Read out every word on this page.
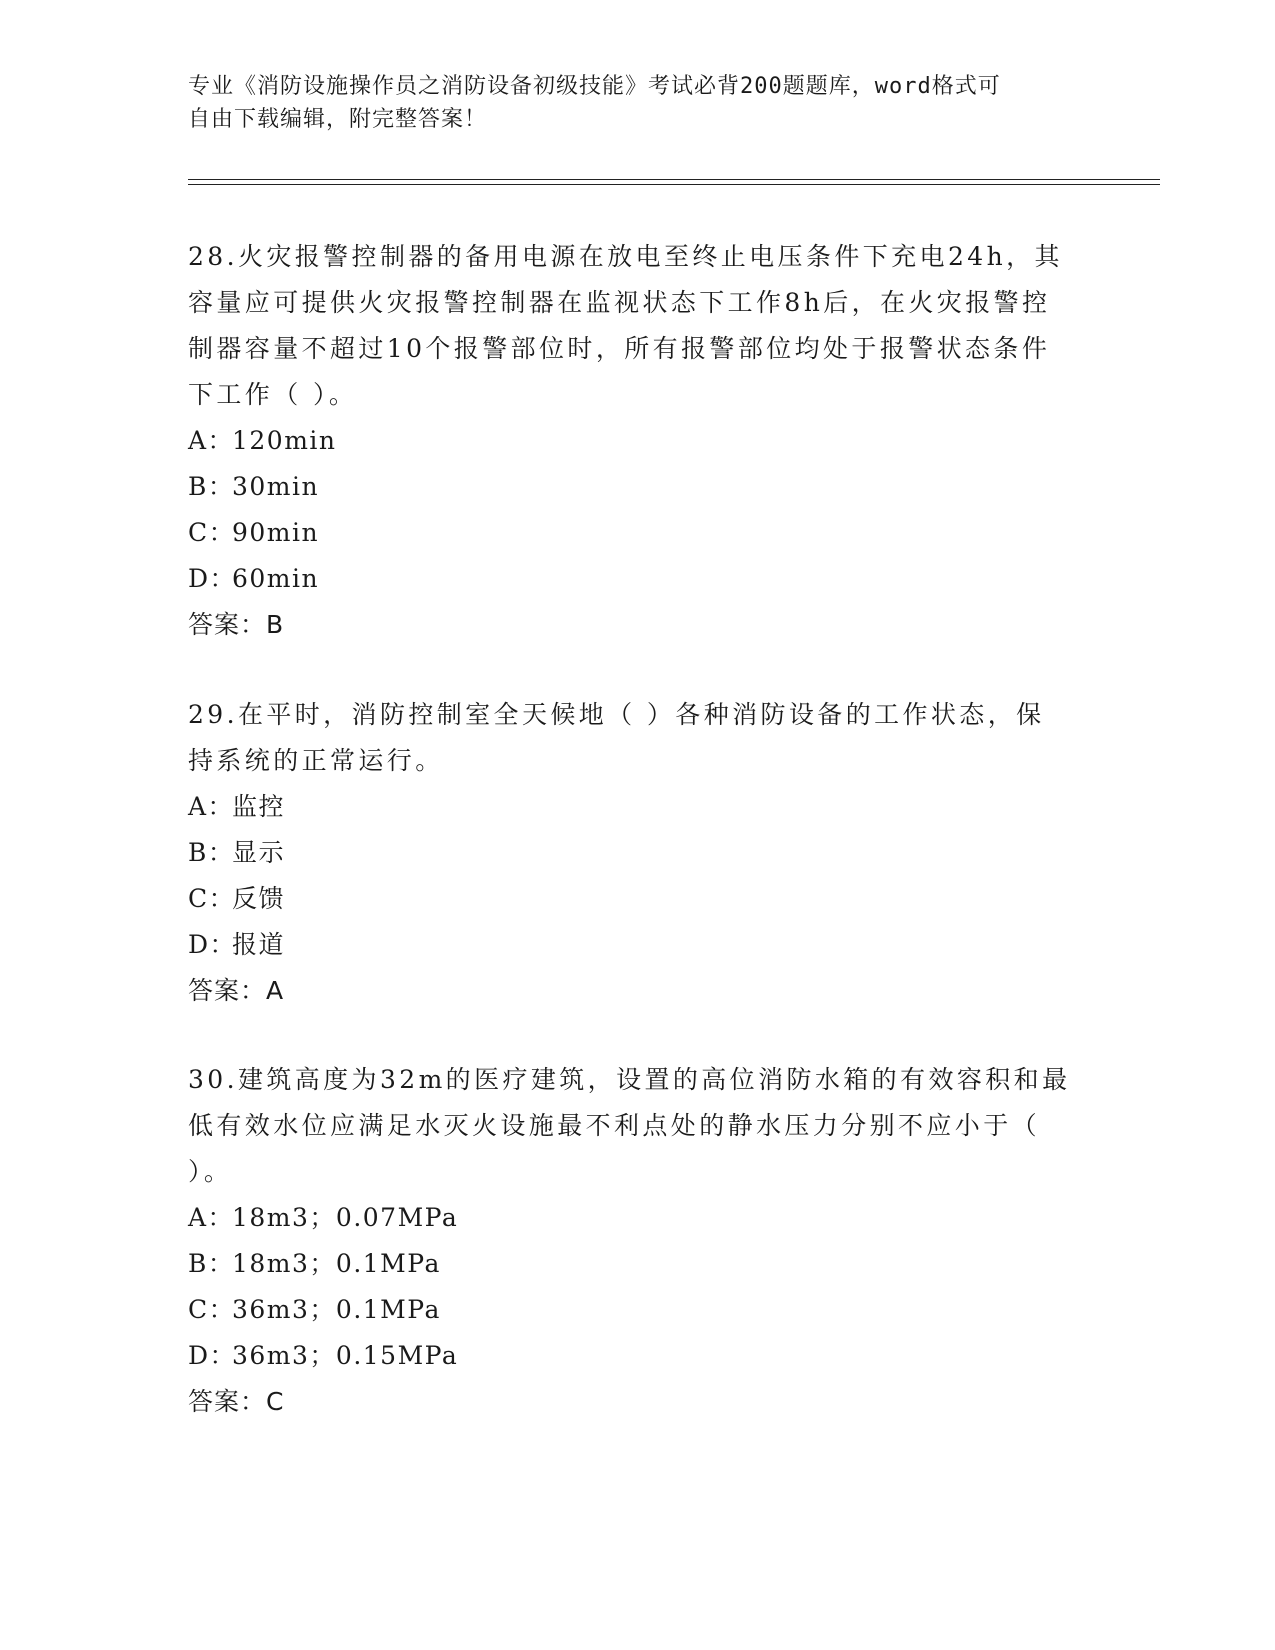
专业《消防设施操作员之消防设备初级技能》考试必背200题题库，word格式可
自由下载编辑，附完整答案！
28.火灾报警控制器的备用电源在放电至终止电压条件下充电24h，其
容量应可提供火灾报警控制器在监视状态下工作8h后，在火灾报警控
制器容量不超过10个报警部位时，所有报警部位均处于报警状态条件
下工作（ ）。
A：120min
B：30min
C：90min
D：60min
答案：B
29.在平时，消防控制室全天候地（ ）各种消防设备的工作状态，保
持系统的正常运行。
A：监控
B：显示
C：反馈
D：报道
答案：A
30.建筑高度为32m的医疗建筑，设置的高位消防水箱的有效容积和最
低有效水位应满足水灭火设施最不利点处的静水压力分别不应小于（
）。
A：18m3；0.07MPa
B：18m3；0.1MPa
C：36m3；0.1MPa
D：36m3；0.15MPa
答案：C
